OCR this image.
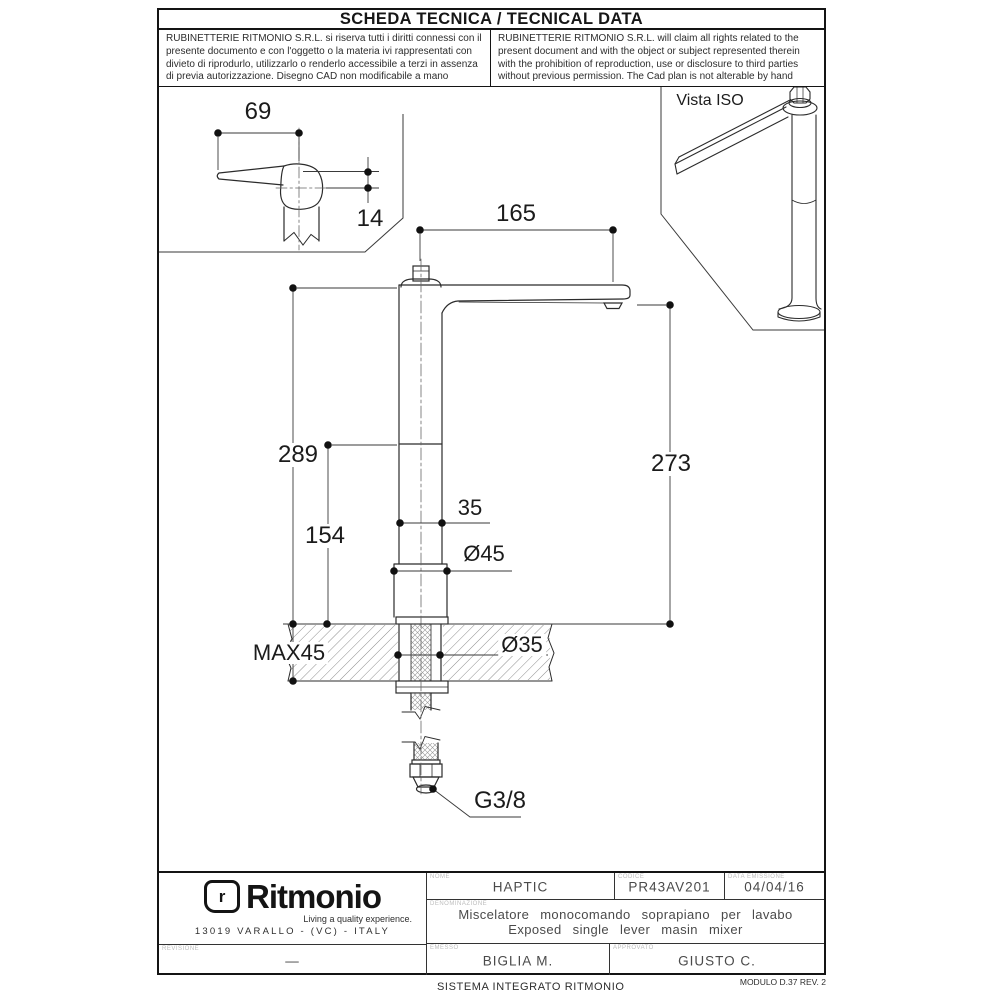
69
14	165
289	273
154
35
Ø45
MAX45	Ø35
G3/8
Vista ISO
SCHEDA TECNICA / TECNICAL DATA
RUBINETTERIE RITMONIO S.R.L. si riserva tutti i diritti connessi con il presente documento e con l'oggetto o la materia ivi rappresentati con divieto di riprodurlo, utilizzarlo o renderlo accessibile a terzi in assenza di previa autorizzazione. Disegno CAD non modificabile a mano
RUBINETTERIE RITMONIO S.R.L. will claim all rights related to the present document and with the object or subject represented therein with the prohibition of reproduction, use or disclosure to third parties without previous permission. The Cad plan is not alterable by hand
r Ritmonio
Living a quality experience.
13019 VARALLO - (VC) - ITALY
REVISIONE
—
NOME
HAPTIC
CODICE
PR43AV201
DATA EMISSIONE
04/04/16
DENOMINAZIONE
Miscelatore monocomando soprapiano per lavabo
Exposed single lever masin mixer
EMESSO
BIGLIA M.
APPROVATO
GIUSTO C.
SISTEMA INTEGRATO RITMONIO	MODULO D.37 REV. 2
